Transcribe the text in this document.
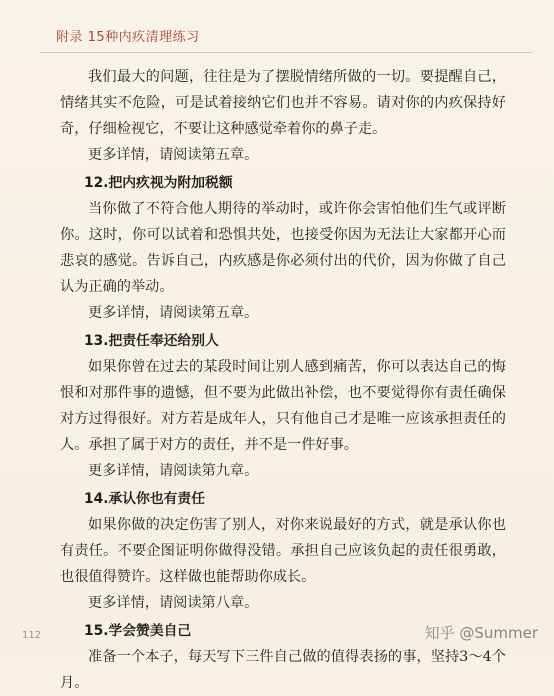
附录 15种内疚清理练习

我们最大的问题，往往是为了摆脱情绪所做的一切。要提醒自己，情绪其实不危险，可是试着接纳它们也并不容易。请对你的内疚保持好奇，仔细检视它，不要让这种感觉牵着你的鼻子走。

更多详情，请阅读第五章。

12.把内疚视为附加税额

当你做了不符合他人期待的举动时，或许你会害怕他们生气或评断你。这时，你可以试着和恐惧共处，也接受你因为无法让大家都开心而悲哀的感觉。告诉自己，内疚感是你必须付出的代价，因为你做了自己认为正确的举动。

更多详情，请阅读第五章。

13.把责任奉还给别人

如果你曾在过去的某段时间让别人感到痛苦，你可以表达自己的悔恨和对那件事的遗憾，但不要为此做出补偿，也不要觉得你有责任确保对方过得很好。对方若是成年人，只有他自己才是唯一应该承担责任的人。承担了属于对方的责任，并不是一件好事。

更多详情，请阅读第九章。

14.承认你也有责任

如果你做的决定伤害了别人，对你来说最好的方式，就是承认你也有责任。不要企图证明你做得没错。承担自己应该负起的责任很勇敢，也很值得赞许。这样做也能帮助你成长。

更多详情，请阅读第八章。

15.学会赞美自己

准备一个本子，每天写下三件自己做的值得表扬的事，坚持3～4个月。

112	知乎 @Summer
